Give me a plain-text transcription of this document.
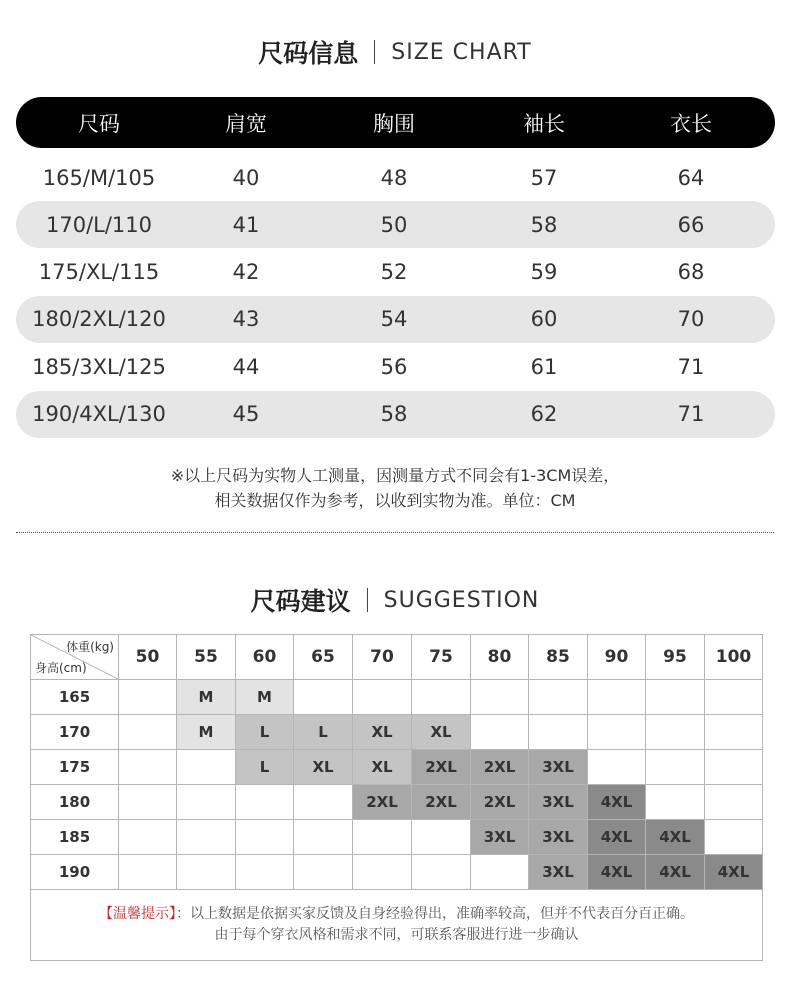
尺码信息 SIZE CHART
尺码	肩宽	胸围	袖长	衣长
165/M/105	40	48	57	64
170/L/110	41	50	58	66
175/XL/115	42	52	59	68
180/2XL/120	43	54	60	70
185/3XL/125	44	56	61	71
190/4XL/130	45	58	62	71
※以上尺码为实物人工测量，因测量方式不同会有1-3CM误差，
相关数据仅作为参考，以收到实物为准。单位：CM
尺码建议 SUGGESTION
体重(kg)
身高(cm)	50	55	60	65	70	75	80	85	90	95	100
165		M	M								
170		M	L	L	XL	XL					
175			L	XL	XL	2XL	2XL	3XL			
180					2XL	2XL	2XL	3XL	4XL		
185							3XL	3XL	4XL	4XL	
190								3XL	4XL	4XL	4XL

【温馨提示】：以上数据是依据买家反馈及自身经验得出，准确率较高，但并不代表百分百正确。
由于每个穿衣风格和需求不同，可联系客服进行进一步确认											
